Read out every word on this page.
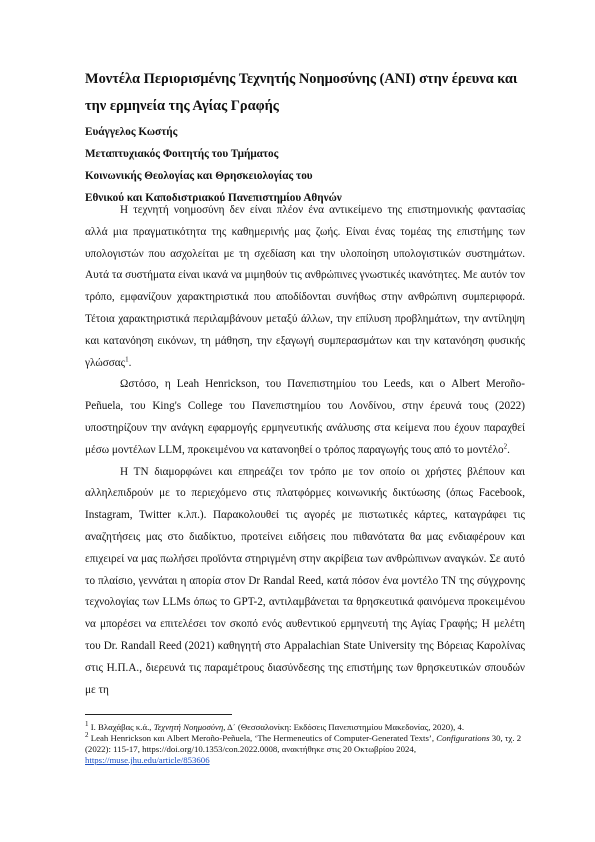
Μοντέλα Περιορισμένης Τεχνητής Νοημοσύνης (ANI) στην έρευνα και την ερμηνεία της Αγίας Γραφής
Ευάγγελος Κωστής
Μεταπτυχιακός Φοιτητής του Τμήματος
Κοινωνικής Θεολογίας και Θρησκειολογίας του
Εθνικού και Καποδιστριακού Πανεπιστημίου Αθηνών

Η τεχνητή νοημοσύνη δεν είναι πλέον ένα αντικείμενο της επιστημονικής φαντασίας αλλά μια πραγματικότητα της καθημερινής μας ζωής. Είναι ένας τομέας της επιστήμης των υπολογιστών που ασχολείται με τη σχεδίαση και την υλοποίηση υπολογιστικών συστημάτων. Αυτά τα συστήματα είναι ικανά να μιμηθούν τις ανθρώπινες γνωστικές ικανότητες. Με αυτόν τον τρόπο, εμφανίζουν χαρακτηριστικά που αποδίδονται συνήθως στην ανθρώπινη συμπεριφορά. Τέτοια χαρακτηριστικά περιλαμβάνουν μεταξύ άλλων, την επίλυση προβλημάτων, την αντίληψη και κατανόηση εικόνων, τη μάθηση, την εξαγωγή συμπερασμάτων και την κατανόηση φυσικής γλώσσας$^1$.

Ωστόσο, η Leah Henrickson, του Πανεπιστημίου του Leeds, και ο Albert Meroño-Peñuela, του King's College του Πανεπιστημίου του Λονδίνου, στην έρευνά τους (2022) υποστηρίζουν την ανάγκη εφαρμογής ερμηνευτικής ανάλυσης στα κείμενα που έχουν παραχθεί μέσω μοντέλων LLM, προκειμένου να κατανοηθεί ο τρόπος παραγωγής τους από το μοντέλο$^2$.

Η ΤΝ διαμορφώνει και επηρεάζει τον τρόπο με τον οποίο οι χρήστες βλέπουν και αλληλεπιδρούν με το περιεχόμενο στις πλατφόρμες κοινωνικής δικτύωσης (όπως Facebook, Instagram, Twitter κ.λπ.). Παρακολουθεί τις αγορές με πιστωτικές κάρτες, καταγράφει τις αναζητήσεις μας στο διαδίκτυο, προτείνει ειδήσεις που πιθανότατα θα μας ενδιαφέρουν και επιχειρεί να μας πωλήσει προϊόντα στηριγμένη στην ακρίβεια των ανθρώπινων αναγκών. Σε αυτό το πλαίσιο, γεννάται η απορία στον Dr Randal Reed, κατά πόσον ένα μοντέλο ΤΝ της σύγχρονης τεχνολογίας των LLMs όπως το GPT-2, αντιλαμβάνεται τα θρησκευτικά φαινόμενα προκειμένου να μπορέσει να επιτελέσει τον σκοπό ενός αυθεντικού ερμηνευτή της Αγίας Γραφής; Η μελέτη του Dr. Randall Reed (2021) καθηγητή στο Appalachian State University της Βόρειας Καρολίνας στις Η.Π.Α., διερευνά τις παραμέτρους διασύνδεσης της επιστήμης των θρησκευτικών σπουδών με τη

$^1$ Ι. Βλαχάβας κ.ά., Τεχνητή Νοημοσύνη, Δ΄ (Θεσσαλονίκη: Εκδόσεις Πανεπιστημίου Μακεδονίας, 2020), 4.
$^2$ Leah Henrickson και Albert Meroño-Peñuela, ‘The Hermeneutics of Computer-Generated Texts’, Configurations 30, τχ. 2 (2022): 115-17, https://doi.org/10.1353/con.2022.0008, ανακτήθηκε στις 20 Οκτωβρίου 2024, https://muse.jhu.edu/article/853606
